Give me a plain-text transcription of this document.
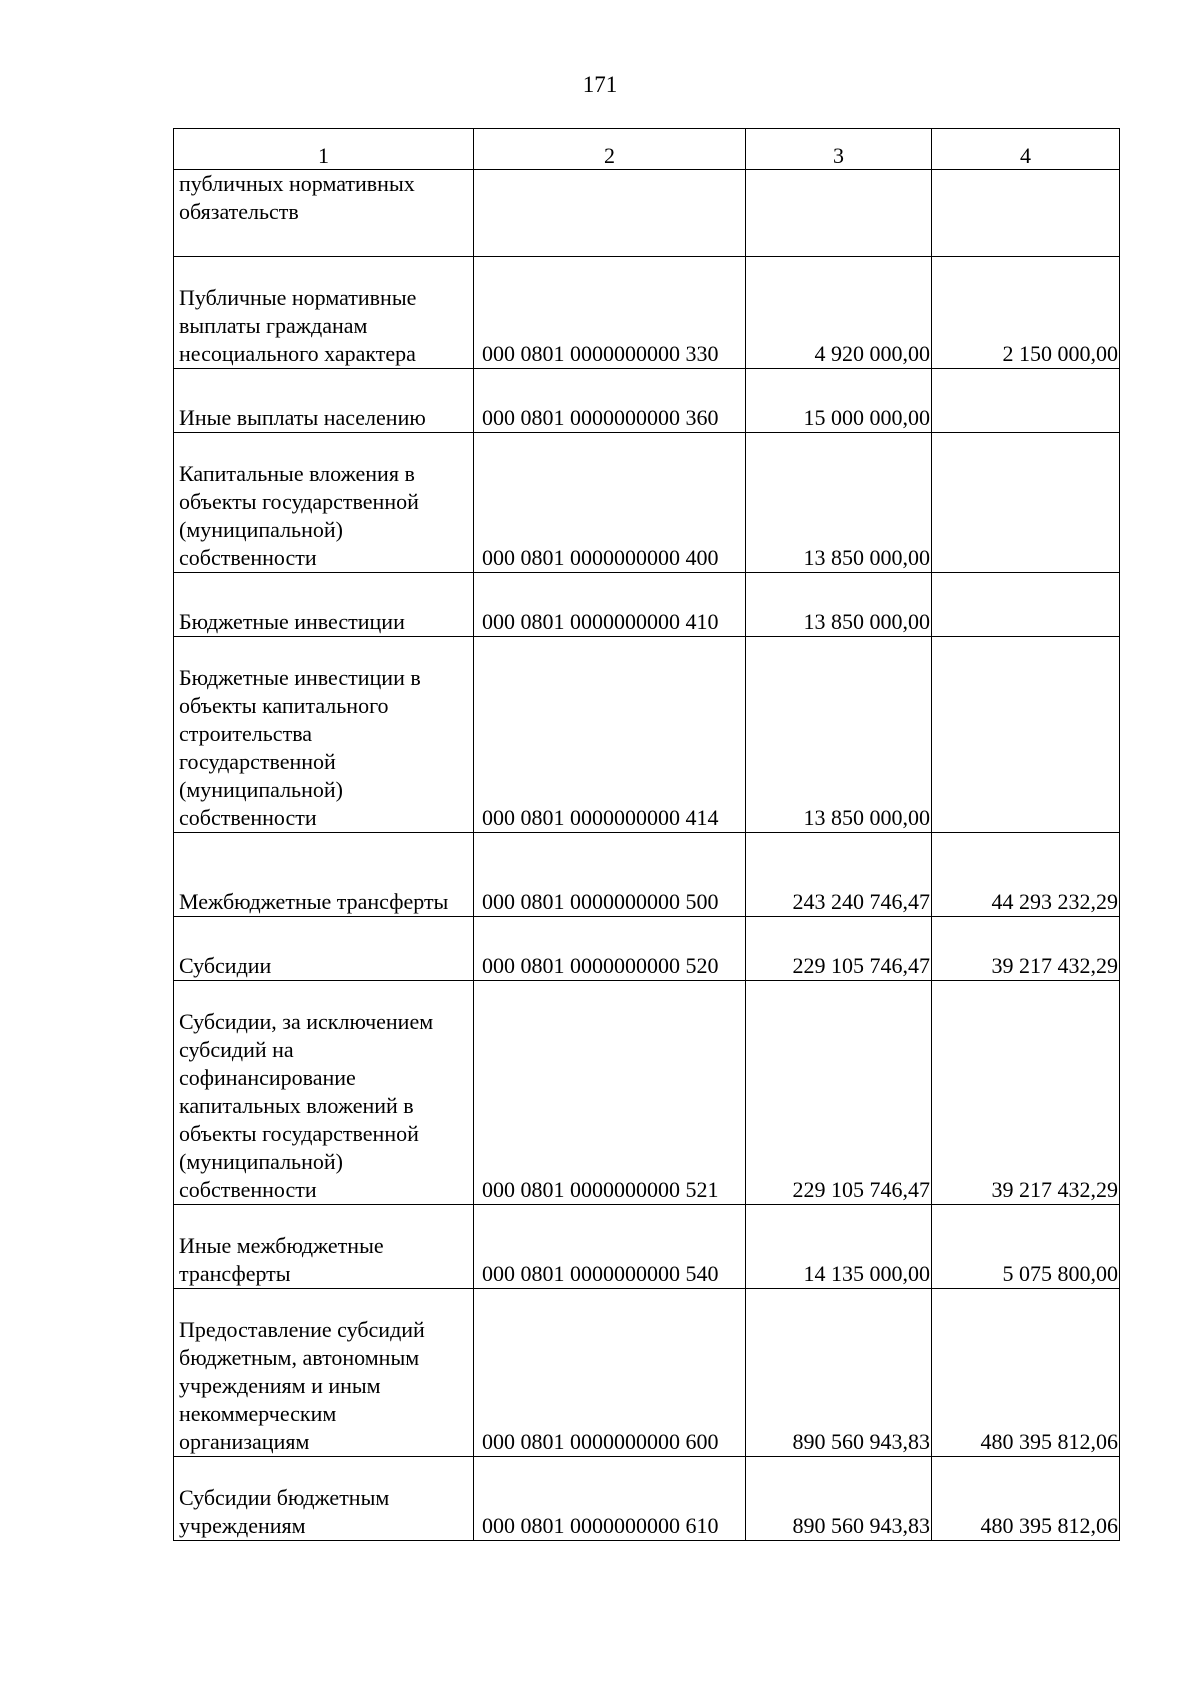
171
1	2	3	4
публичных нормативных обязательств			
Публичные нормативные выплаты гражданам несоциального характера	000 0801 0000000000 330	4 920 000,00	2 150 000,00
Иные выплаты населению	000 0801 0000000000 360	15 000 000,00	
Капитальные вложения в объекты государственной (муниципальной) собственности	000 0801 0000000000 400	13 850 000,00	
Бюджетные инвестиции	000 0801 0000000000 410	13 850 000,00	
Бюджетные инвестиции в объекты капитального строительства государственной (муниципальной) собственности	000 0801 0000000000 414	13 850 000,00	
Межбюджетные трансферты	000 0801 0000000000 500	243 240 746,47	44 293 232,29
Субсидии	000 0801 0000000000 520	229 105 746,47	39 217 432,29
Субсидии, за исключением субсидий на софинансирование капитальных вложений в объекты государственной (муниципальной) собственности	000 0801 0000000000 521	229 105 746,47	39 217 432,29
Иные межбюджетные трансферты	000 0801 0000000000 540	14 135 000,00	5 075 800,00
Предоставление субсидий бюджетным, автономным учреждениям и иным некоммерческим организациям	000 0801 0000000000 600	890 560 943,83	480 395 812,06
Субсидии бюджетным учреждениям	000 0801 0000000000 610	890 560 943,83	480 395 812,06
